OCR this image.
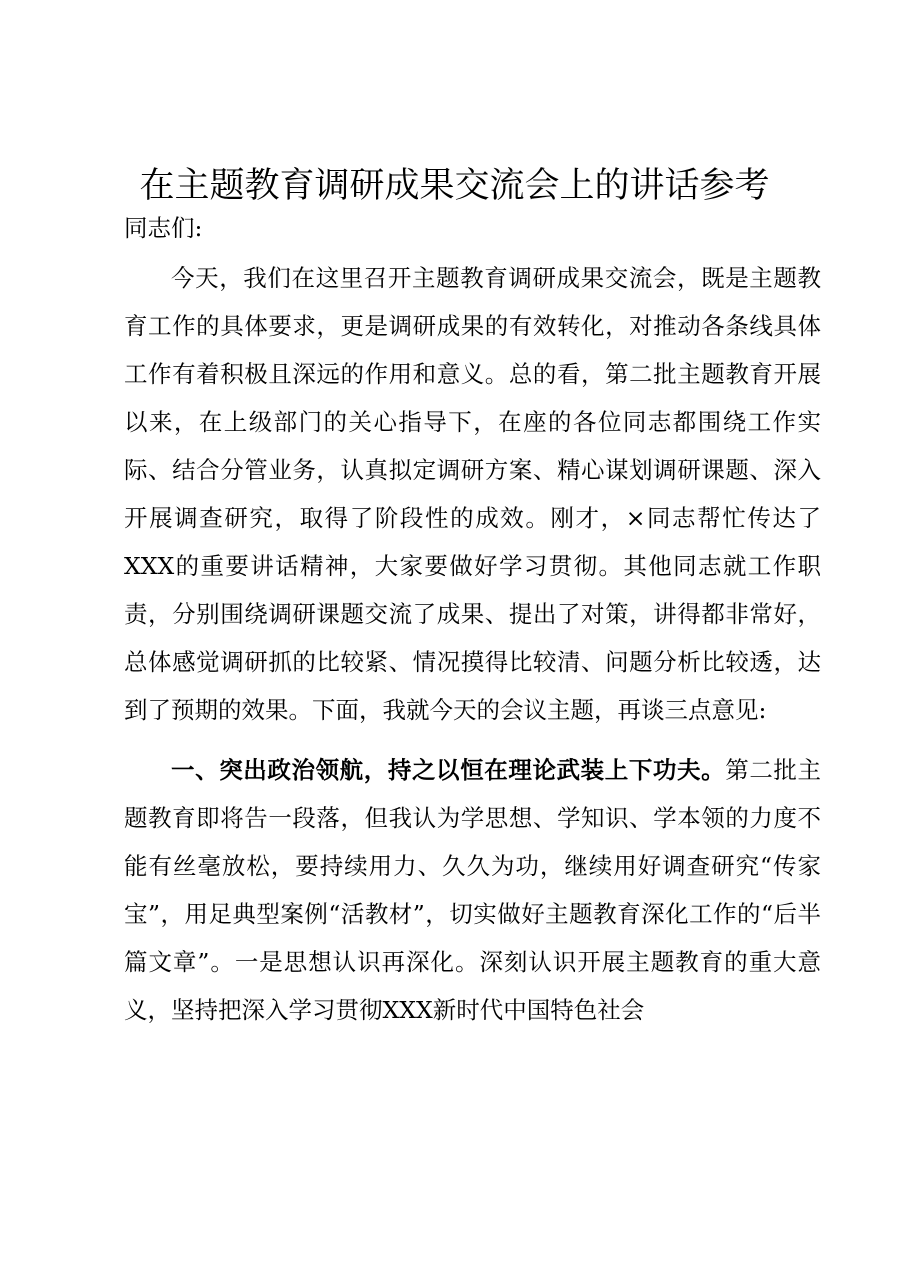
在主题教育调研成果交流会上的讲话参考

同志们:

今天，我们在这里召开主题教育调研成果交流会，既是主题教育工作的具体要求，更是调研成果的有效转化，对推动各条线具体工作有着积极且深远的作用和意义。总的看，第二批主题教育开展以来，在上级部门的关心指导下，在座的各位同志都围绕工作实际、结合分管业务，认真拟定调研方案、精心谋划调研课题、深入开展调查研究，取得了阶段性的成效。刚才，×同志帮忙传达了XXX的重要讲话精神，大家要做好学习贯彻。其他同志就工作职责，分别围绕调研课题交流了成果、提出了对策，讲得都非常好，总体感觉调研抓的比较紧、情况摸得比较清、问题分析比较透，达到了预期的效果。下面，我就今天的会议主题，再谈三点意见:

一、突出政治领航，持之以恒在理论武装上下功夫。第二批主题教育即将告一段落，但我认为学思想、学知识、学本领的力度不能有丝毫放松，要持续用力、久久为功，继续用好调查研究“传家宝”，用足典型案例“活教材”，切实做好主题教育深化工作的“后半篇文章”。一是思想认识再深化。深刻认识开展主题教育的重大意义，坚持把深入学习贯彻XXX新时代中国特色社会
